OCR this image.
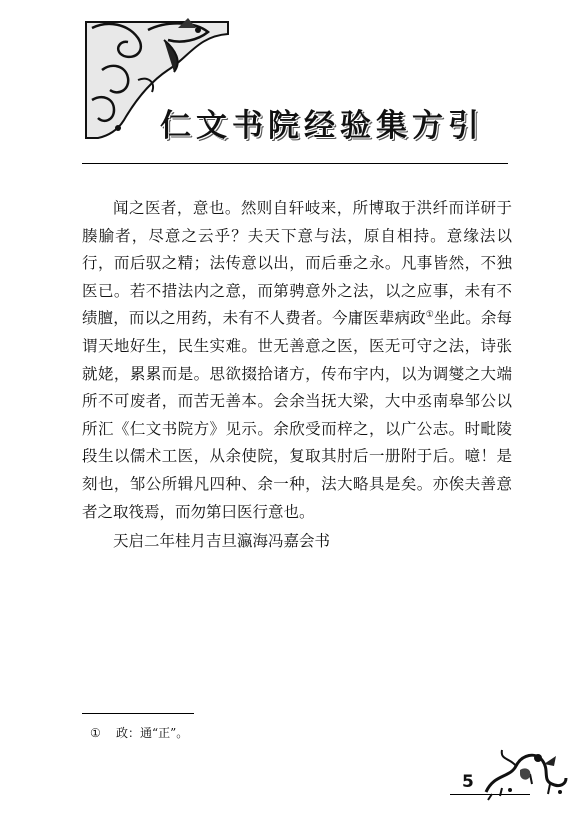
仁文书院经验集方引

闻之医者，意也。然则自轩岐来，所博取于洪纤而详研于腠腧者，尽意之云乎？夫天下意与法，原自相持。意缘法以行，而后驭之精；法传意以出，而后垂之永。凡事皆然，不独医已。若不措法内之意，而第骋意外之法，以之应事，未有不绩膻，而以之用药，未有不人费者。今庸医辈病政①坐此。余每谓天地好生，民生实难。世无善意之医，医无可守之法，诗张就姥，累累而是。思欲掇拾诸方，传布宇内，以为调燮之大端所不可废者，而苦无善本。会余当抚大梁，大中丞南皋邹公以所汇《仁文书院方》见示。余欣受而梓之，以广公志。时毗陵段生以儒术工医，从余使院，复取其肘后一册附于后。噫！是刻也，邹公所辑凡四种、余一种，法大略具是矣。亦俟夫善意者之取筏焉，而勿第曰医行意也。

天启二年桂月吉旦瀛海冯嘉会书

① 政：通“正”。
5
